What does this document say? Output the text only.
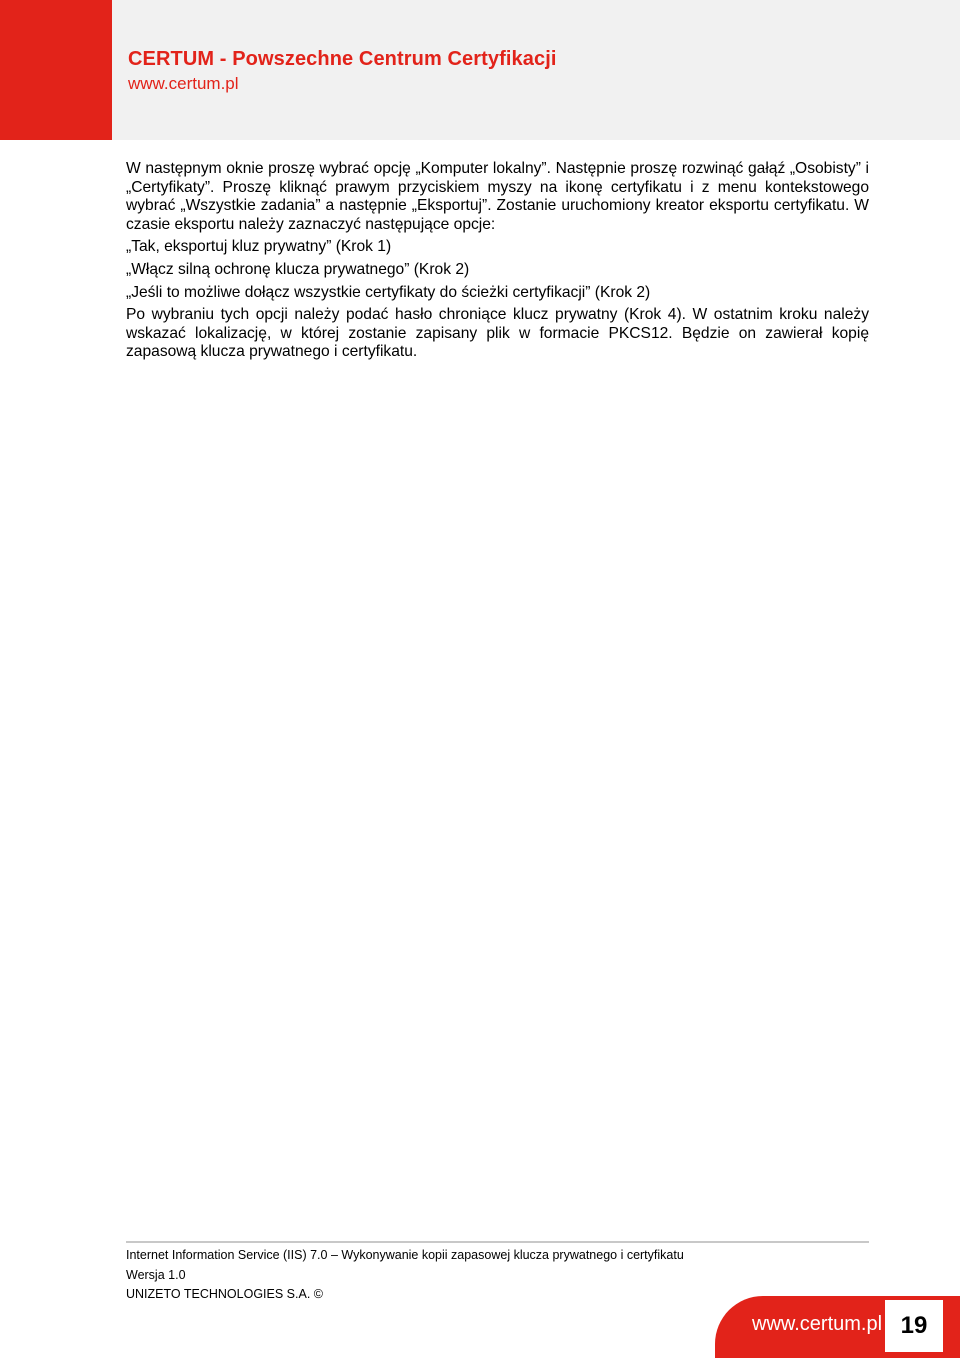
CERTUM - Powszechne Centrum Certyfikacji
www.certum.pl

W następnym oknie proszę wybrać opcję „Komputer lokalny”. Następnie proszę rozwinąć gałąź „Osobisty” i „Certyfikaty”. Proszę kliknąć prawym przyciskiem myszy na ikonę certyfikatu i z menu kontekstowego wybrać „Wszystkie zadania” a następnie „Eksportuj”. Zostanie uruchomiony kreator eksportu certyfikatu. W czasie eksportu należy zaznaczyć następujące opcje:

„Tak, eksportuj kluz prywatny” (Krok 1)

„Włącz silną ochronę klucza prywatnego” (Krok 2)

„Jeśli to możliwe dołącz wszystkie certyfikaty do ścieżki certyfikacji” (Krok 2)

Po wybraniu tych opcji należy podać hasło chroniące klucz prywatny (Krok 4). W ostatnim kroku należy wskazać lokalizację, w której zostanie zapisany plik w formacie PKCS12. Będzie on zawierał kopię zapasową klucza prywatnego i certyfikatu.

Internet Information Service (IIS) 7.0 – Wykonywanie kopii zapasowej klucza prywatnego i certyfikatu
Wersja 1.0
UNIZETO TECHNOLOGIES S.A. ©
www.certum.pl 19
